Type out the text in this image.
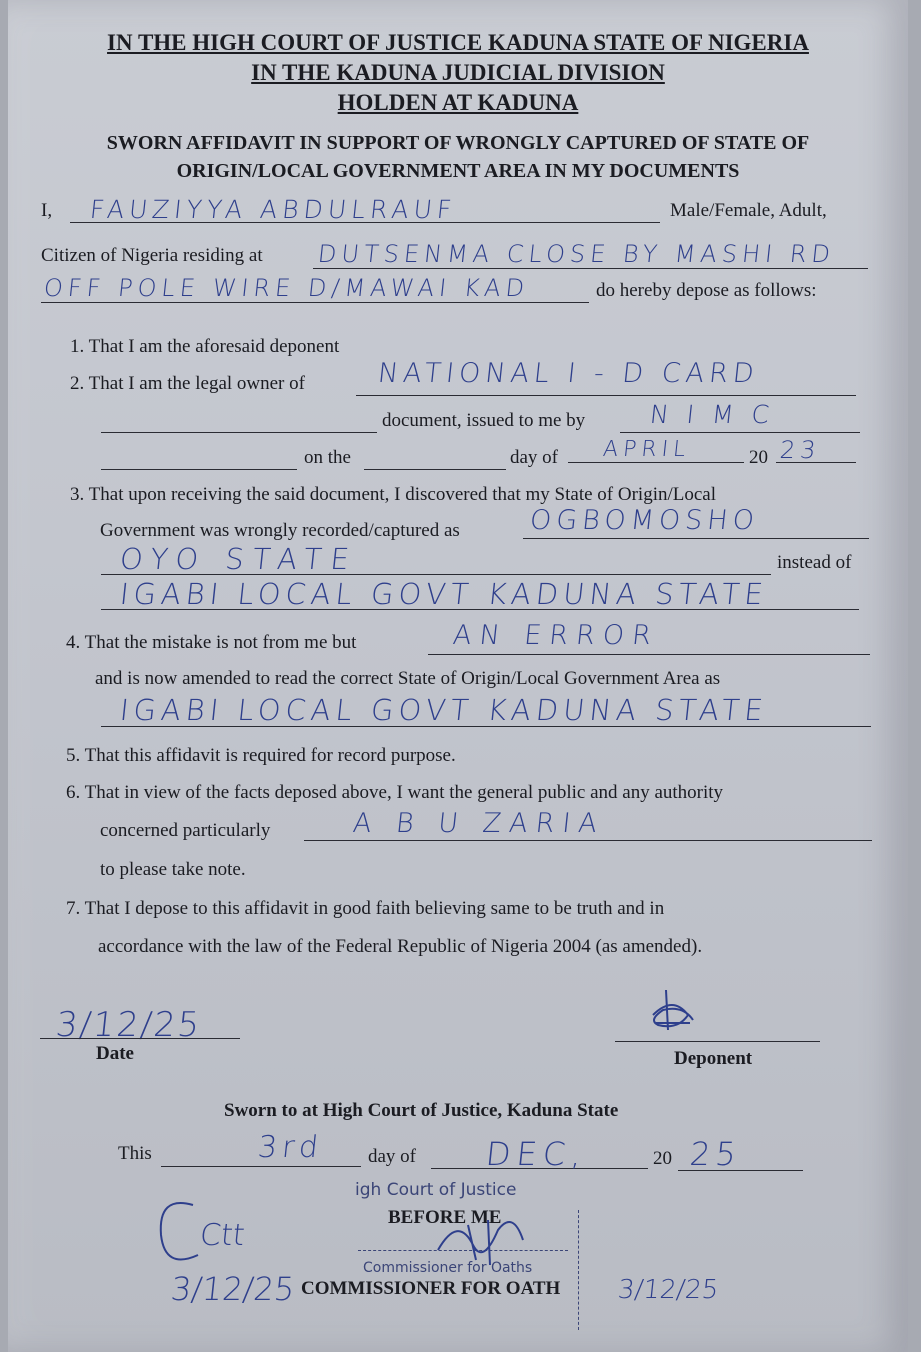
IN THE HIGH COURT OF JUSTICE KADUNA STATE OF NIGERIA
IN THE KADUNA JUDICIAL DIVISION
HOLDEN AT KADUNA
SWORN AFFIDAVIT IN SUPPORT OF WRONGLY CAPTURED OF STATE OF
ORIGIN/LOCAL GOVERNMENT AREA IN MY DOCUMENTS
I, FAUZIYYA ABDULRAUF	Male/Female, Adult,
Citizen of Nigeria residing at DUTSENMA CLOSE BY MASHI RD
OFF POLE WIRE D/MAWAI KAD	do hereby depose as follows:
1. That I am the aforesaid deponent
2. That I am the legal owner of	NATIONAL I - D CARD
document, issued to me by	N I M C
on the	day of APRIL	20 23
3. That upon receiving the said document, I discovered that my State of Origin/Local
Government was wrongly recorded/captured as	OGBOMOSHO
OYO STATE	instead of
IGABI LOCAL GOVT KADUNA STATE
4. That the mistake is not from me but	AN ERROR
and is now amended to read the correct State of Origin/Local Government Area as
IGABI LOCAL GOVT KADUNA STATE
5. That this affidavit is required for record purpose.
6. That in view of the facts deposed above, I want the general public and any authority
concerned particularly	A B U ZARIA
to please take note.
7. That I depose to this affidavit in good faith believing same to be truth and in
accordance with the law of the Federal Republic of Nigeria 2004 (as amended).
3/12/25
Date	Deponent
Sworn to at High Court of Justice, Kaduna State
This	3rd day of DEC,	20 25
igh Court of Justice
BEFORE ME
Commissioner for Oaths
COMMISSIONER FOR OATH
Ctt
3/12/25	3/12/25
